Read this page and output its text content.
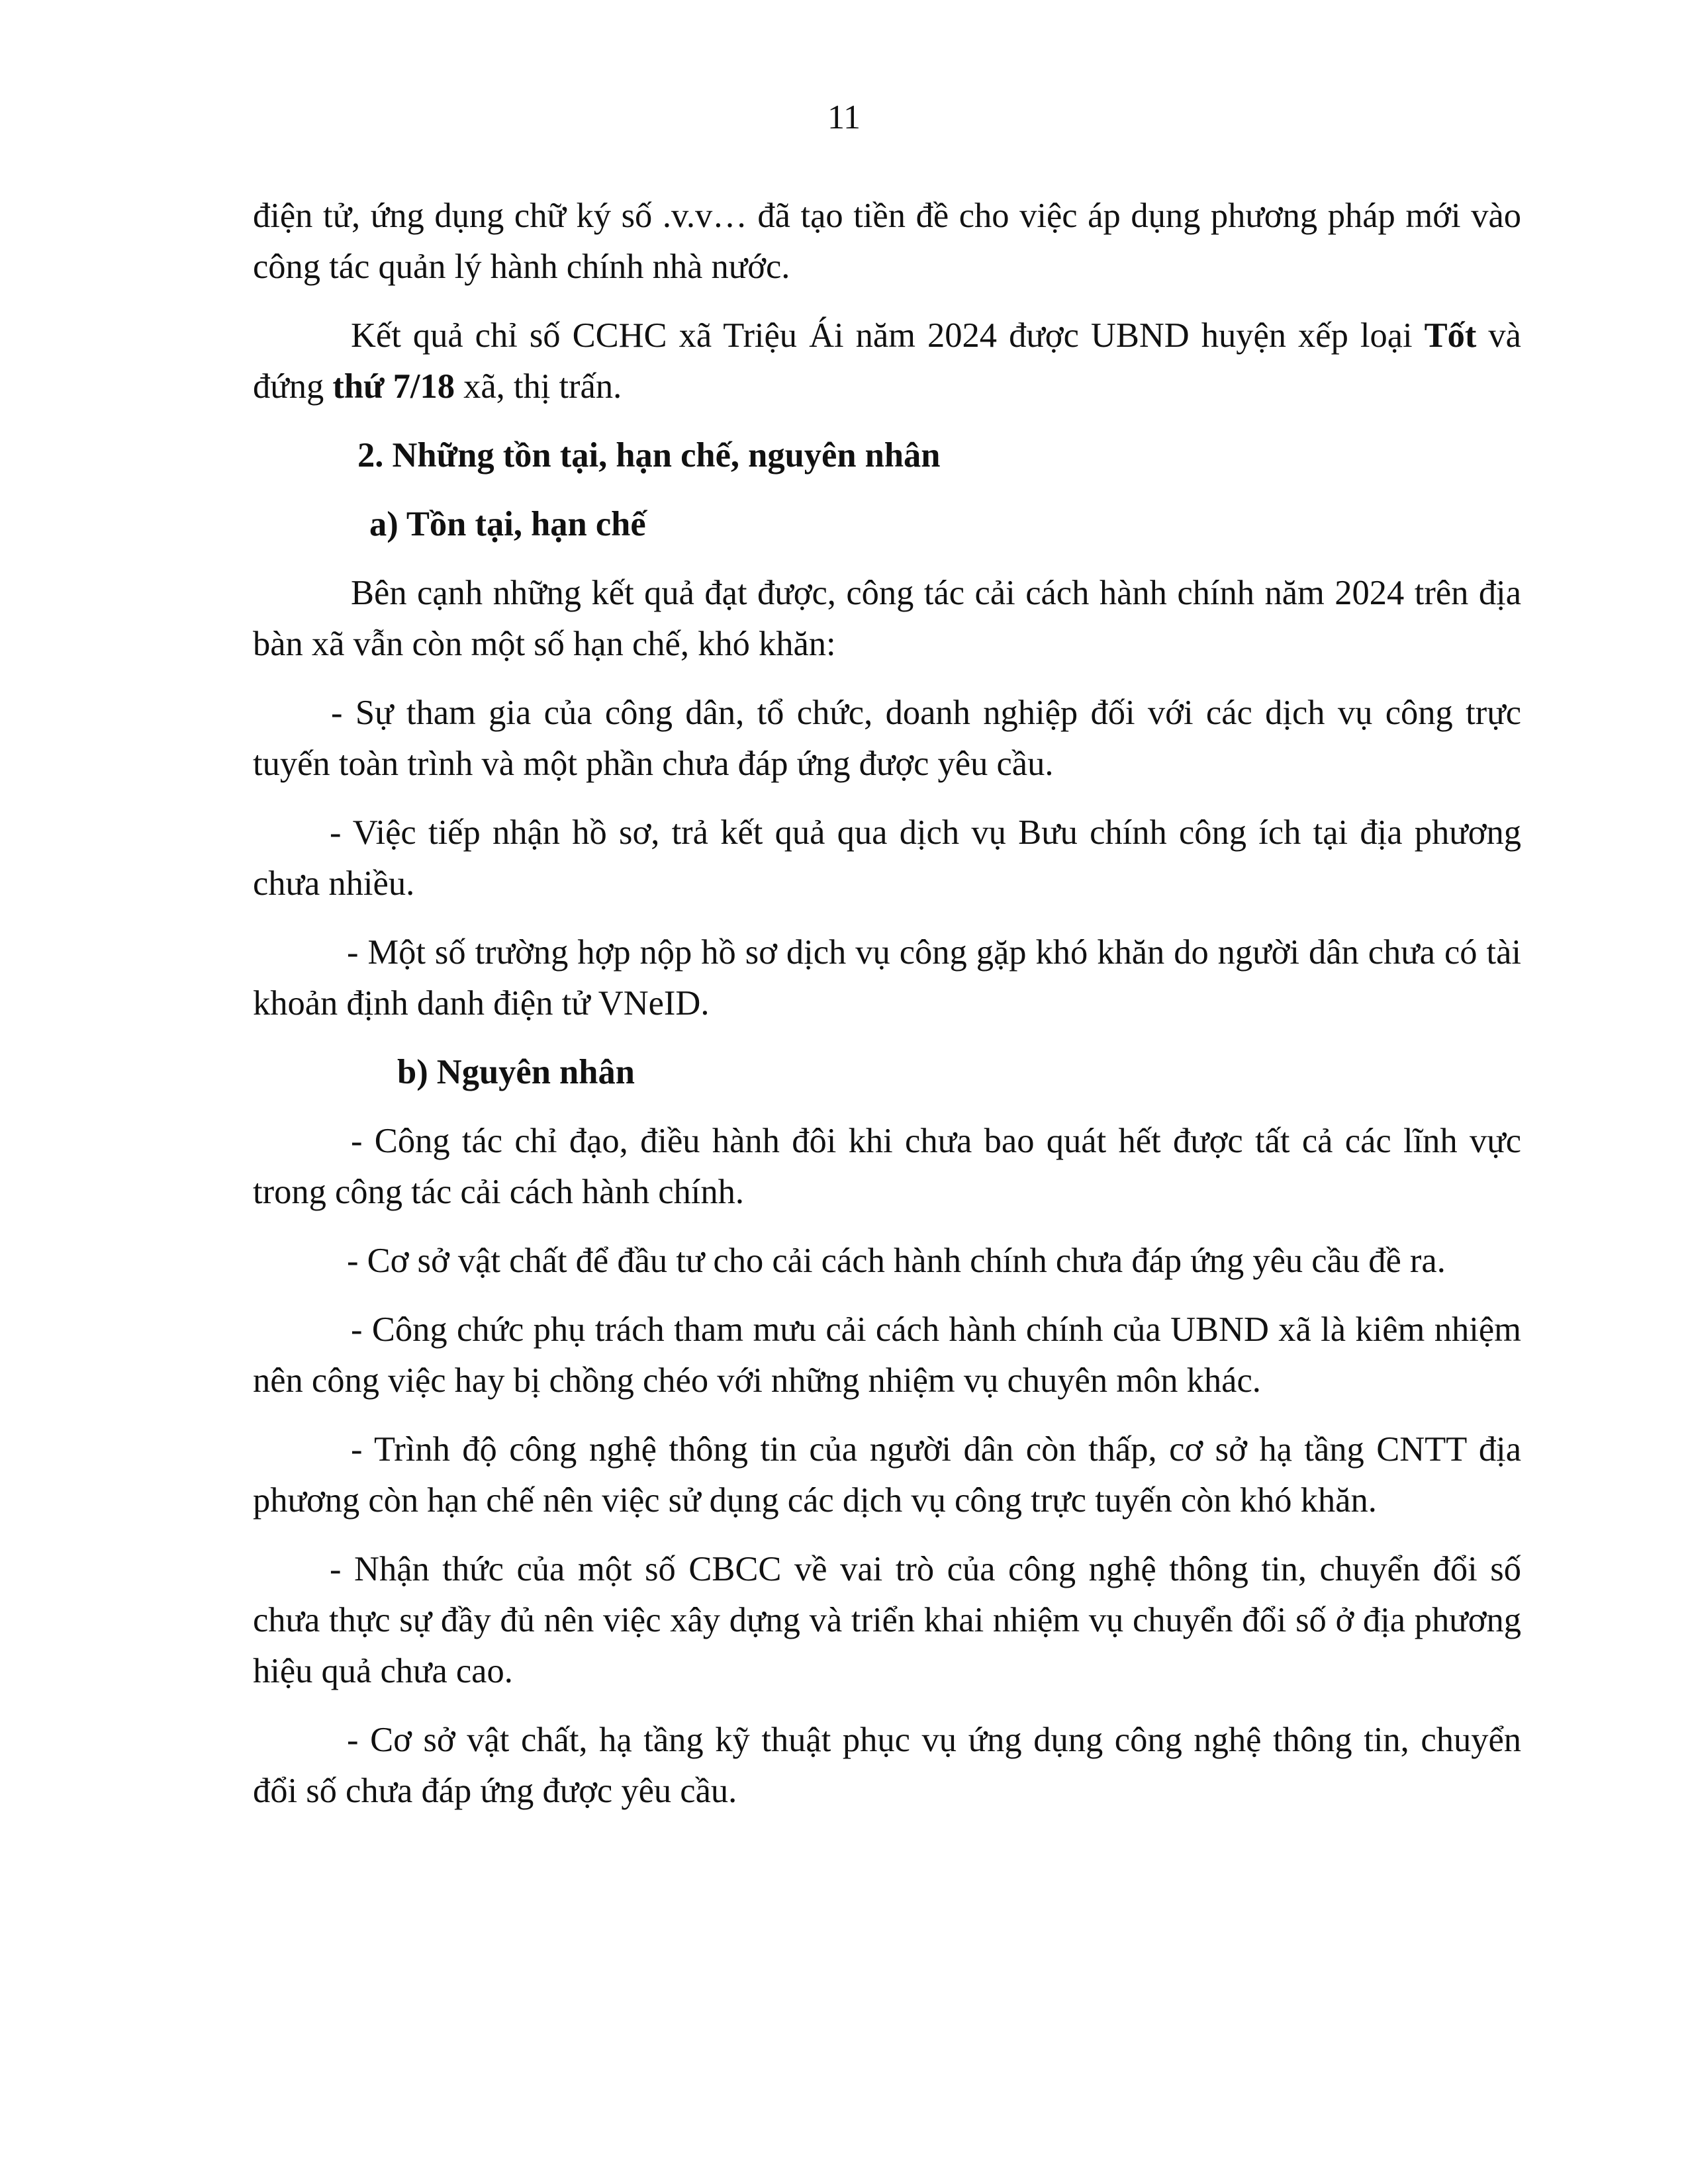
11

điện tử, ứng dụng chữ ký số .v.v… đã tạo tiền đề cho việc áp dụng phương pháp mới vào công tác quản lý hành chính nhà nước.

Kết quả chỉ số CCHC xã Triệu Ái năm 2024 được UBND huyện xếp loại Tốt và đứng thứ 7/18 xã, thị trấn.

2. Những tồn tại, hạn chế, nguyên nhân
a) Tồn tại, hạn chế

Bên cạnh những kết quả đạt được, công tác cải cách hành chính năm 2024 trên địa bàn xã vẫn còn một số hạn chế, khó khăn:

- Sự tham gia của công dân, tổ chức, doanh nghiệp đối với các dịch vụ công trực tuyến toàn trình và một phần chưa đáp ứng được yêu cầu.

- Việc tiếp nhận hồ sơ, trả kết quả qua dịch vụ Bưu chính công ích tại địa phương chưa nhiều.

- Một số trường hợp nộp hồ sơ dịch vụ công gặp khó khăn do người dân chưa có tài khoản định danh điện tử VNeID.

b) Nguyên nhân

- Công tác chỉ đạo, điều hành đôi khi chưa bao quát hết được tất cả các lĩnh vực trong công tác cải cách hành chính.

- Cơ sở vật chất để đầu tư cho cải cách hành chính chưa đáp ứng yêu cầu đề ra.

- Công chức phụ trách tham mưu cải cách hành chính của UBND xã là kiêm nhiệm nên công việc hay bị chồng chéo với những nhiệm vụ chuyên môn khác.

- Trình độ công nghệ thông tin của người dân còn thấp, cơ sở hạ tầng CNTT địa phương còn hạn chế nên việc sử dụng các dịch vụ công trực tuyến còn khó khăn.

- Nhận thức của một số CBCC về vai trò của công nghệ thông tin, chuyển đổi số chưa thực sự đầy đủ nên việc xây dựng và triển khai nhiệm vụ chuyển đổi số ở địa phương hiệu quả chưa cao.

- Cơ sở vật chất, hạ tầng kỹ thuật phục vụ ứng dụng công nghệ thông tin, chuyển đổi số chưa đáp ứng được yêu cầu.
